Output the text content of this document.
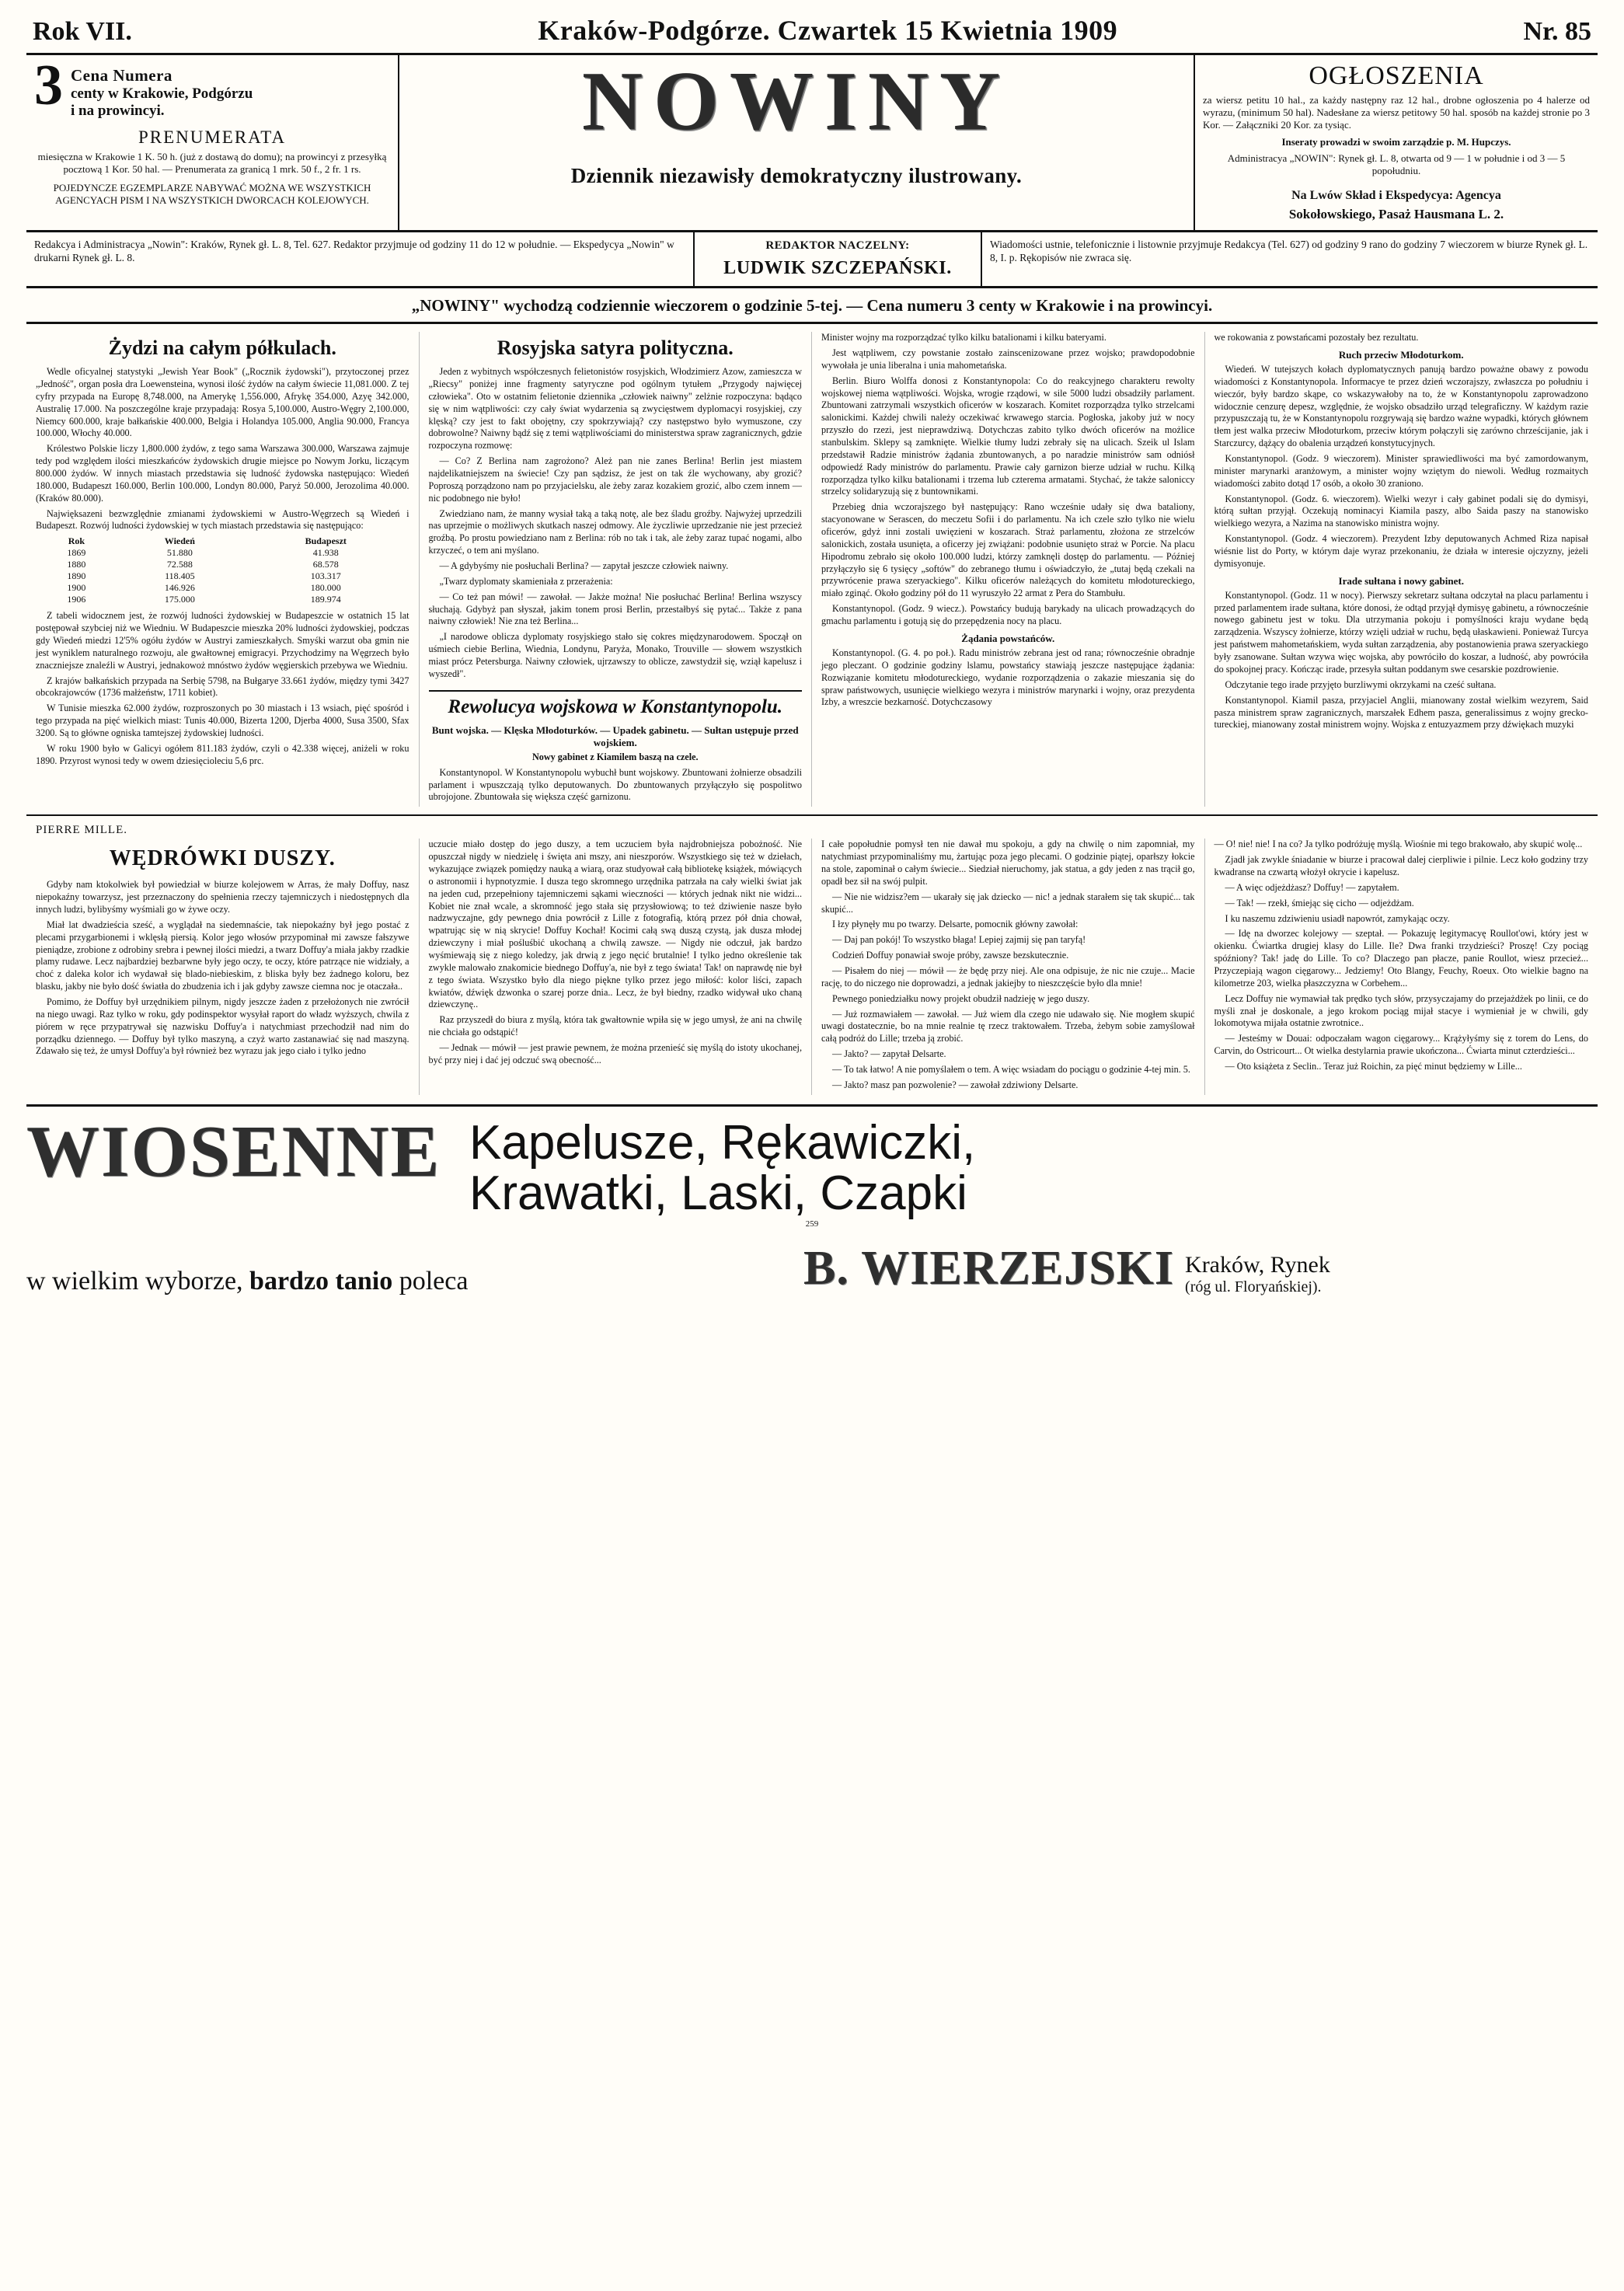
Rok VII.	Kraków-Podgórze. Czwartek 15 Kwietnia 1909	Nr. 85
3 Cena Numera
centy w Krakowie, Podgórzu
i na prowincyi.
PRENUMERATA
miesięczna w Krakowie 1 K. 50 h. (już z dostawą do domu); na prowincyi z przesyłką pocztową 1 Kor. 50 hal. — Prenumerata za granicą 1 mrk. 50 f., 2 fr. 1 rs.
POJEDYNCZE EGZEMPLARZE NABYWAĆ MOŻNA WE WSZYSTKICH AGENCYACH PISM I NA WSZYSTKICH DWORCACH KOLEJOWYCH.
NOWINY
Dziennik niezawisły demokratyczny ilustrowany.
OGŁOSZENIA
za wiersz petitu 10 hal., za każdy następny raz 12 hal., drobne ogłoszenia po 4 halerze od wyrazu, (minimum 50 hal). Nadesłane za wiersz petitowy 50 hal. sposób na każdej stronie po 3 Kor. — Załączniki 20 Kor. za tysiąc.
Inseraty prowadzi w swoim zarządzie p. M. Hupczys.
Administracya „NOWIN": Rynek gł. L. 8, otwarta od 9 — 1 w południe i od 3 — 5 popołudniu.
Na Lwów Skład i Ekspedycya: Agencya
Sokołowskiego, Pasaż Hausmana L. 2.
Redakcya i Administracya „Nowin": Kraków, Rynek gł. L. 8, Tel. 627. Redaktor przyjmuje od godziny 11 do 12 w południe. — Ekspedycya „Nowin" w drukarni Rynek gł. L. 8.
REDAKTOR NACZELNY:
LUDWIK SZCZEPAŃSKI.
Wiadomości ustnie, telefonicznie i listownie przyjmuje Redakcya (Tel. 627) od godziny 9 rano do godziny 7 wieczorem w biurze Rynek gł. L. 8, I. p. Rękopisów nie zwraca się.
„NOWINY" wychodzą codziennie wieczorem o godzinie 5-tej. — Cena numeru 3 centy w Krakowie i na prowincyi.
Żydzi na całym półkulach.

Wedle oficyalnej statystyki „Jewish Year Book" („Rocznik żydowski"), przytoczonej przez „Jedność", organ posła dra Loewensteina, wynosi ilość żydów na całym świecie 11,081.000. Z tej cyfry przypada na Europę 8,748.000, na Amerykę 1,556.000, Afrykę 354.000, Azyę 342.000, Australię 17.000. Na poszczególne kraje przypadają: Rosya 5,100.000, Austro-Węgry 2,100.000, Niemcy 600.000, kraje bałkańskie 400.000, Belgia i Holandya 105.000, Anglia 90.000, Francya 100.000, Włochy 40.000.

Królestwo Polskie liczy 1,800.000 żydów, z tego sama Warszawa 300.000, Warszawa zajmuje tedy pod względem ilości mieszkańców żydowskich drugie miejsce po Nowym Jorku, liczącym 800.000 żydów. W innych miastach przedstawia się ludność żydowska następująco: Wiedeń 180.000, Budapeszt 160.000, Berlin 100.000, Londyn 80.000, Paryż 50.000, Jerozolima 40.000. (Kraków 80.000).

Najwięksazeni bezwzględnie zmianami żydowskiemi w Austro-Węgrzech są Wiedeń i Budapeszt. Rozwój ludności żydowskiej w tych miastach przedstawia się następująco:

Rok	Wiedeń	Budapeszt
1869	51.880	41.938
1880	72.588	68.578
1890	118.405	103.317
1900	146.926	180.000
1906	175.000	189.974

Z tabeli widocznem jest, że rozwój ludności żydowskiej w Budapeszcie w ostatnich 15 lat postępował szybciej niż we Wiedniu. W Budapeszcie mieszka 20% ludności żydowskiej, podczas gdy Wiedeń miedzi 12'5% ogółu żydów w Austryi zamieszkałych. Smyśki warzut oba gmin nie jest wyniklem naturalnego rozwoju, ale gwałtownej emigracyi. Przychodzimy na Węgrzech było znaczniejsze znaleźli w Austryi, jednakowoż mnóstwo żydów węgierskich przebywa we Wiedniu.

Z krajów bałkańskich przypada na Serbię 5798, na Bułgarye 33.661 żydów, między tymi 3427 obcokrajowców (1736 małżeństw, 1711 kobiet).

W Tunisie mieszka 62.000 żydów, rozproszonych po 30 miastach i 13 wsiach, pięć spośród i tego przypada na pięć wielkich miast: Tunis 40.000, Bizerta 1200, Djerba 4000, Susa 3500, Sfax 3200. Są to główne ogniska tamtejszej żydowskiej ludności.

W roku 1900 było w Galicyi ogółem 811.183 żydów, czyli o 42.338 więcej, aniżeli w roku 1890. Przyrost wynosi tedy w owem dziesięcioleciu 5,6 prc.

Rosyjska satyra polityczna.

Jeden z wybitnych współczesnych felietonistów rosyjskich, Włodzimierz Azow, zamieszcza w „Riecsy" poniżej inne fragmenty satyryczne pod ogólnym tytułem „Przygody najwięcej człowieka". Oto w ostatnim felietonie dziennika „człowiek naiwny" zelżnie rozpoczyna: bądąco się w nim wątpliwości: czy cały świat wydarzenia są zwycięstwem dyplomacyi rosyjskiej, czy klęską? czy jest to fakt obojętny, czy spokrzywiają? czy następstwo było wymuszone, czy dobrowolne? Naiwny bądź się z temi wątpliwościami do ministerstwa spraw zagranicznych, gdzie rozpoczyna rozmowę:

— Co? Z Berlina nam zagrożono? Ależ pan nie zanes Berlina! Berlin jest miastem najdelikatniejszem na świecie! Czy pan sądzisz, że jest on tak źle wychowany, aby grozić? Poproszą porządzono nam po przyjacielsku, ale żeby zaraz kozakiem grozić, albo czem innem — nic podobnego nie było!

Zwiedziano nam, że manny wysiał taką a taką notę, ale bez śladu groźby. Najwyżej uprzedzili nas uprzejmie o możliwych skutkach naszej odmowy. Ale życzliwie uprzedzanie nie jest przecież groźbą. Po prostu powiedziano nam z Berlina: rób no tak i tak, ale żeby zaraz tupać nogami, albo krzyczeć, o tem ani myślano.

— A gdybyśmy nie posłuchali Berlina? — zapytał jeszcze człowiek naiwny.

„Twarz dyplomaty skamieniała z przerażenia:

— Co też pan mówi! — zawołał. — Jakże można! Nie posłuchać Berlina! Berlina wszyscy słuchają. Gdybyż pan słyszał, jakim tonem prosi Berlin, przestałbyś się pytać... Także z pana naiwny człowiek! Nie zna też Berlina...

„I narodowe oblicza dyplomaty rosyjskiego stało się cokres międzynarodowem. Spoczął on uśmiech ciebie Berlina, Wiednia, Londynu, Paryża, Monako, Trouville — słowem wszystkich miast prócz Petersburga. Naiwny człowiek, ujrzawszy to oblicze, zawstydził się, wziął kapelusz i wyszedł".

Rewolucya wojskowa w Konstantynopolu.
Bunt wojska. — Klęska Młodoturków. — Upadek gabinetu. — Sułtan ustępuje przed wojskiem.

Nowy gabinet z Kiamilem baszą na czele.

Konstantynopol. W Konstantynopolu wybuchł bunt wojskowy. Zbuntowani żołnierze obsadzili parlament i wpuszczają tylko deputowanych. Do zbuntowanych przyłączyło się pospolitwo ubrojojone. Zbuntowała się większa część garnizonu.

Minister wojny ma rozporządzać tylko kilku batalionami i kilku bateryami.

Jest wątpliwem, czy powstanie zostało zainscenizowane przez wojsko; prawdopodobnie wywołała je unia liberalna i unia mahometańska.

Berlin. Biuro Wolffa donosi z Konstantynopola: Co do reakcyjnego charakteru rewolty wojskowej niema wątpliwości. Wojska, wrogie rządowi, w sile 5000 ludzi obsadziły parlament. Zbuntowani zatrzymali wszystkich oficerów w koszarach. Komitet rozporządza tylko strzelcami salonickimi. Każdej chwili należy oczekiwać krwawego starcia. Pogłoska, jakoby już w nocy przyszło do rzezi, jest nieprawdziwą. Dotychczas zabito tylko dwóch oficerów na możlice stanbulskim. Sklepy są zamknięte. Wielkie tłumy ludzi zebrały się na ulicach. Szeik ul Islam przedstawił Radzie ministrów żądania zbuntowanych, a po naradzie ministrów sam odniósł odpowiedź Rady ministrów do parlamentu. Prawie cały garnizon bierze udział w ruchu. Kilką rozporządza tylko kilku batalionami i trzema lub czterema armatami. Stychać, że także saloniccy strzelcy solidaryzują się z buntownikami.

Przebieg dnia wczorajszego był następujący: Rano wcześnie udały się dwa bataliony, stacyonowane w Serascen, do meczetu Sofii i do parlamentu. Na ich czele szło tylko nie wielu oficerów, gdyż inni zostali uwięzieni w koszarach. Straż parlamentu, złożona ze strzelców salonickich, została usunięta, a oficerzy jej zwiążani: podobnie usunięto straż w Porcie. Na placu Hipodromu zebrało się około 100.000 ludzi, którzy zamknęli dostęp do parlamentu. — Później przyłączyło się 6 tysięcy „softów" do zebranego tłumu i oświadczyło, że „tutaj będą czekali na przywrócenie prawa szeryackiego". Kilku oficerów należących do komitetu młodotureckiego, miało zginąć. Około godziny pół do 11 wyruszyło 22 armat z Pera do Stambułu.

Konstantynopol. (Godz. 9 wiecz.). Powstańcy budują barykady na ulicach prowadzących do gmachu parlamentu i gotują się do przepędzenia nocy na placu.

Żądania powstańców.

Konstantynopol. (G. 4. po poł.). Radu ministrów zebrana jest od rana; równocześnie obradnje jego pleczant. O godzinie godziny lslamu, powstańcy stawiają jeszcze następujące żądania: Rozwiązanie komitetu młodotureckiego, wydanie rozporządzenia o zakazie mieszania się do spraw państwowych, usunięcie wielkiego wezyra i ministrów marynarki i wojny, oraz prezydenta Izby, a wreszcie bezkarność. Dotychczasowy

we rokowania z powstańcami pozostały bez rezultatu.

Ruch przeciw Młodoturkom.

Wiedeń. W tutejszych kołach dyplomatycznych panują bardzo poważne obawy z powodu wiadomości z Konstantynopola. Informacye te przez dzień wczorajszy, zwłaszcza po południu i wieczór, były bardzo skąpe, co wskazywałoby na to, że w Konstantynopolu zaprowadzono widocznie cenzurę depesz, względnie, że wojsko obsadziło urząd telegraficzny. W każdym razie przypuszczają tu, że w Konstantynopolu rozgrywają się bardzo ważne wypadki, których głównem tłem jest walka przeciw Młodoturkom, przeciw którym połączyli się zarówno chrześcijanie, jak i Starczurcy, dążący do obalenia urządzeń konstytucyjnych.

Konstantynopol. (Godz. 9 wieczorem). Minister sprawiedliwości ma być zamordowanym, minister marynarki aranżowym, a minister wojny wziętym do niewoli. Według rozmaitych wiadomości zabito dotąd 17 osób, a około 30 zraniono.

Konstantynopol. (Godz. 6. wieczorem). Wielki wezyr i cały gabinet podali się do dymisyi, którą sułtan przyjął. Oczekują nominacyi Kiamila paszy, albo Saida paszy na stanowisko wielkiego wezyra, a Nazima na stanowisko ministra wojny.

Konstantynopol. (Godz. 4 wieczorem). Prezydent Izby deputowanych Achmed Riza napisał wiésnie list do Porty, w którym daje wyraz przekonaniu, że działa w interesie ojczyzny, jeżeli dymisyonuje.

Irade sułtana i nowy gabinet.

Konstantynopol. (Godz. 11 w nocy). Pierwszy sekretarz sułtana odczytał na placu parlamentu i przed parlamentem irade sułtana, które donosi, że odtąd przyjął dymisyę gabinetu, a równocześnie nowego gabinetu jest w toku. Dla utrzymania pokoju i pomyślności kraju wydane będą zarządzenia. Wszyscy żołnierze, którzy wzięli udział w ruchu, będą ułaskawieni. Ponieważ Turcya jest państwem mahometańskiem, wyda sułtan zarządzenia, aby postanowienia prawa szeryackiego były zsanowane. Sułtan wzywa więc wojska, aby powróciło do koszar, a ludność, aby powróciła do spokojnej pracy. Kończąc irade, przesyła sułtan poddanym swe cesarskie pozdrowienie.

Odczytanie tego irade przyjęto burzliwymi okrzykami na cześć sułtana.

Konstantynopol. Kiamil pasza, przyjaciel Anglii, mianowany został wielkim wezyrem, Said pasza ministrem spraw zagranicznych, marszałek Edhem pasza, generalissimus z wojny grecko-tureckiej, mianowany został ministrem wojny. Wojska z entuzyazmem przy dźwiękach muzyki

PIERRE MILLE.
WĘDRÓWKI DUSZY.

Gdyby nam ktokolwiek był powiedział w biurze kolejowem w Arras, że mały Doffuy, nasz niepokaźny towarzysz, jest przeznaczony do spełnienia rzeczy tajemniczych i niedostępnych dla innych ludzi, bylibyśmy wyśmiali go w żywe oczy.

Miał lat dwadzieścia sześć, a wyglądał na siedemnaście, tak niepokaźny był jego postać z plecami przygarbionemi i wklęsłą piersią. Kolor jego włosów przypominał mi zawsze fałszywe pieniądze, zrobione z odrobiny srebra i pewnej ilości miedzi, a twarz Doffuy'a miała jakby rzadkie plamy rudawe. Lecz najbardziej bezbarwne były jego oczy, te oczy, które patrzące nie widziały, a choć z daleka kolor ich wydawał się blado-niebieskim, z bliska były bez żadnego koloru, bez blasku, jakby nie było dość światła do zbudzenia ich i jak gdyby zawsze ciemna noc je otaczała..

Pomimo, że Doffuy był urzędnikiem pilnym, nigdy jeszcze żaden z przełożonych nie zwrócił na niego uwagi. Raz tylko w roku, gdy podinspektor wysyłał raport do władz wyższych, chwila z piórem w ręce przypatrywał się nazwisku Doffuy'a i natychmiast przechodził nad nim do porządku dziennego. — Doffuy był tylko maszyną, a czyż warto zastanawiać się nad maszyną. Zdawało się też, że umysł Doffuy'a był również bez wyrazu jak jego ciało i tylko jedno

uczucie miało dostęp do jego duszy, a tem uczuciem była najdrobniejsza pobożność. Nie opuszczał nigdy w niedzielę i święta ani mszy, ani nieszporów. Wszystkiego się też w dziełach, wykazujące związek pomiędzy nauką a wiarą, oraz studyował całą bibliotekę książek, mówiących o astronomii i hypnotyzmie. I dusza tego skromnego urzędnika patrzała na cały wielki świat jak na jeden cud, przepełniony tajemniczemi sąkami wieczności — których jednak nikt nie widzi... Kobiet nie znał wcale, a skromność jego stała się przysłowiową; to też dziwienie nasze było nadzwyczajne, gdy pewnego dnia powrócił z Lille z fotografią, którą przez pół dnia chował, wpatrując się w nią skrycie! Doffuy Kochał! Kocimi całą swą duszą czystą, jak dusza młodej dziewczyny i miał pośluśbić ukochaną a chwilą zawsze. — Nigdy nie odczuł, jak bardzo wyśmiewają się z niego koledzy, jak drwią z jego nęcić brutalnie! I tylko jedno określenie tak zwykle malowało znakomicie biednego Doffuy'a, nie był z tego świata! Tak! on naprawdę nie był z tego świata. Wszystko było dla niego piękne tylko przez jego miłość: kolor liści, zapach kwiatów, dźwięk dzwonka o szarej porze dnia.. Lecz, że był biedny, rzadko widywał uko chaną dziewczynę..

Raz przyszedł do biura z myślą, która tak gwałtownie wpiła się w jego umysł, że ani na chwilę nie chciała go odstąpić!

— Jednak — mówił — jest prawie pewnem, że można przenieść się myślą do istoty ukochanej, być przy niej i dać jej odczuć swą obecność...

I całe popołudnie pomysł ten nie dawał mu spokoju, a gdy na chwilę o nim zapomniał, my natychmiast przypominaliśmy mu, żartując poza jego plecami. O godzinie piątej, oparłszy łokcie na stole, zapominał o całym świecie... Siedział nieruchomy, jak statua, a gdy jeden z nas trącił go, opadł bez sił na swój pulpit.

— Nie nie widzisz?em — ukarały się jak dziecko — nic! a jednak starałem się tak skupić... tak skupić...

I łzy płynęły mu po twarzy. Delsarte, pomocnik główny zawołał:

— Daj pan pokój! To wszystko błaga! Lepiej zajmij się pan taryfą!

Codzień Doffuy ponawiał swoje próby, zawsze bezskutecznie.

— Pisałem do niej — mówił — że będę przy niej. Ale ona odpisuje, że nic nie czuje... Macie rację, to do niczego nie doprowadzi, a jednak jakiejby to nieszczęście było dla mnie!

Pewnego poniedziałku nowy projekt obudził nadzieję w jego duszy.

— Już rozmawiałem — zawołał. — Już wiem dla czego nie udawało się. Nie mogłem skupić uwagi dostatecznie, bo na mnie realnie tę rzecz traktowałem. Trzeba, żebym sobie zamyślował całą podróż do Lille; trzeba ją zrobić.

— Jakto? — zapytał Delsarte.

— To tak łatwo! A nie pomyślałem o tem. A więc wsiadam do pociągu o godzinie 4-tej min. 5.

— Jakto? masz pan pozwolenie? — zawołał zdziwiony Delsarte.

— O! nie! nie! I na co? Ja tylko podróżuję myślą. Wiośnie mi tego brakowało, aby skupić wolę...

Zjadł jak zwykle śniadanie w biurze i pracował dalej cierpliwie i pilnie. Lecz koło godziny trzy kwadranse na czwartą włożył okrycie i kapelusz.

— A więc odjeżdżasz? Doffuy! — zapytałem.

— Tak! — rzekł, śmiejąc się cicho — odjeżdżam.

I ku naszemu zdziwieniu usiadł napowrót, zamykając oczy.

— Idę na dworzec kolejowy — szeptał. — Pokazuję legitymacyę Roullot'owi, który jest w okienku. Ćwiartka drugiej klasy do Lille. Ile? Dwa franki trzydzieści? Proszę! Czy pociąg spóźniony? Tak! jadę do Lille. To co? Dlaczego pan płacze, panie Roullot, wiesz przecież... Przyczepiają wagon cięgarowy... Jedziemy! Oto Blangy, Feuchy, Roeux. Oto wielkie bagno na kilometrze 203, wielka płaszczyzna w Corbehem...

Lecz Doffuy nie wymawiał tak prędko tych słów, przysyczajamy do przejażdżek po linii, ce do myśli znał je doskonale, a jego krokom pociąg mijał stacye i wymieniał je w chwili, gdy lokomotywa mijała ostatnie zwrotnice..

— Jesteśmy w Douai: odpoczałam wagon cięgarowy... Krążyłyśmy się z torem do Lens, do Carvin, do Ostricourt... Ot wielka destylarnia prawie ukończona... Ćwiarta minut czterdzieści...

— Oto książeta z Seclin.. Teraz już Roichin, za pięć minut będziemy w Lille...

WIOSENNE Kapelusze, Rękawiczki,
Krawatki, Laski, Czapki
259
w wielkim wyborze, bardzo tanio poleca	B. WIERZEJSKI Kraków, Rynek
(róg ul. Floryańskiej).
